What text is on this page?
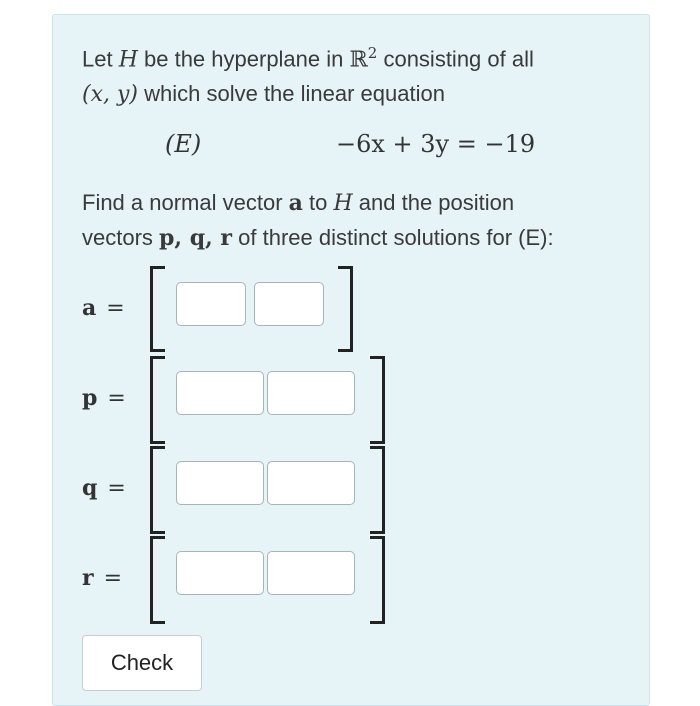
Let H be the hyperplane in ℝ$^2$ consisting of all
(x, y) which solve the linear equation
(E)	−6x + 3y = −19
Find a normal vector a to H and the position
vectors p, q, r of three distinct solutions for (E):
a =
p =
q =
r =
Check
